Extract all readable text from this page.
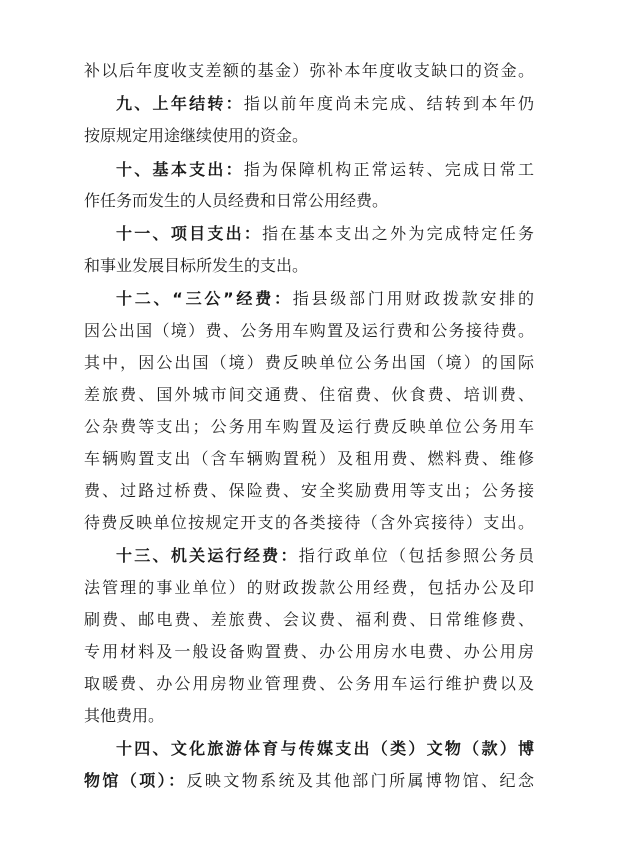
补以后年度收支差额的基金）弥补本年度收支缺口的资金。
九、上年结转：指以前年度尚未完成、结转到本年仍
按原规定用途继续使用的资金。
十、基本支出：指为保障机构正常运转、完成日常工
作任务而发生的人员经费和日常公用经费。
十一、项目支出：指在基本支出之外为完成特定任务
和事业发展目标所发生的支出。
十二、“三公”经费：指县级部门用财政拨款安排的
因公出国（境）费、公务用车购置及运行费和公务接待费。
其中，因公出国（境）费反映单位公务出国（境）的国际
差旅费、国外城市间交通费、住宿费、伙食费、培训费、
公杂费等支出；公务用车购置及运行费反映单位公务用车
车辆购置支出（含车辆购置税）及租用费、燃料费、维修
费、过路过桥费、保险费、安全奖励费用等支出；公务接
待费反映单位按规定开支的各类接待（含外宾接待）支出。
十三、机关运行经费：指行政单位（包括参照公务员
法管理的事业单位）的财政拨款公用经费，包括办公及印
刷费、邮电费、差旅费、会议费、福利费、日常维修费、
专用材料及一般设备购置费、办公用房水电费、办公用房
取暖费、办公用房物业管理费、公务用车运行维护费以及
其他费用。
十四、文化旅游体育与传媒支出（类）文物（款）博
物馆（项）：反映文物系统及其他部门所属博物馆、纪念
